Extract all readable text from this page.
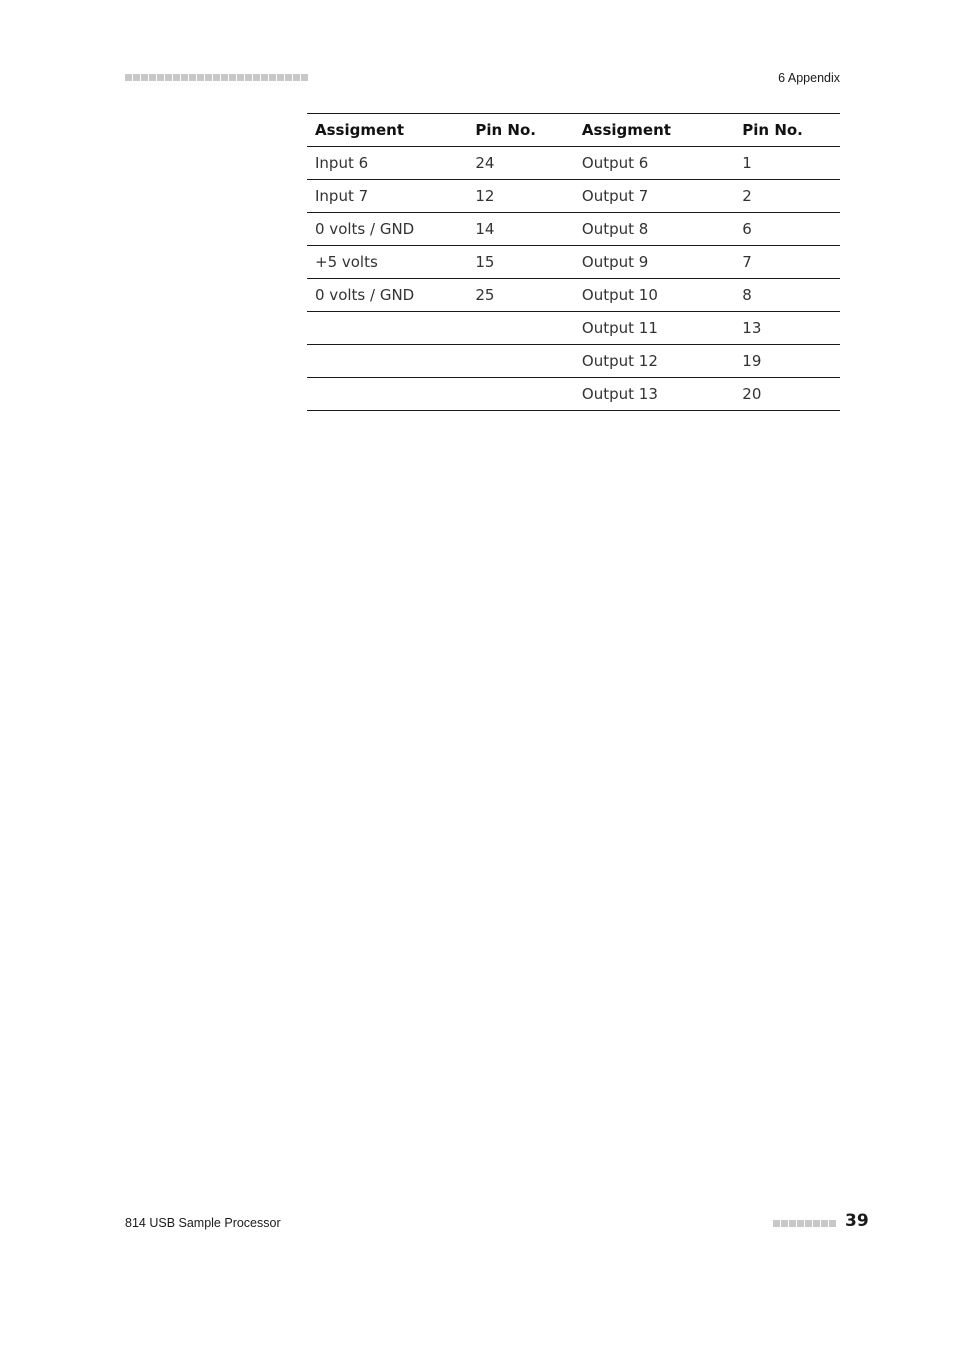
6 Appendix
Assigment	Pin No.	Assigment	Pin No.
Input 6	24	Output 6	1
Input 7	12	Output 7	2
0 volts / GND	14	Output 8	6
+5 volts	15	Output 9	7
0 volts / GND	25	Output 10	8
		Output 11	13
		Output 12	19
		Output 13	20
814 USB Sample Processor	39
